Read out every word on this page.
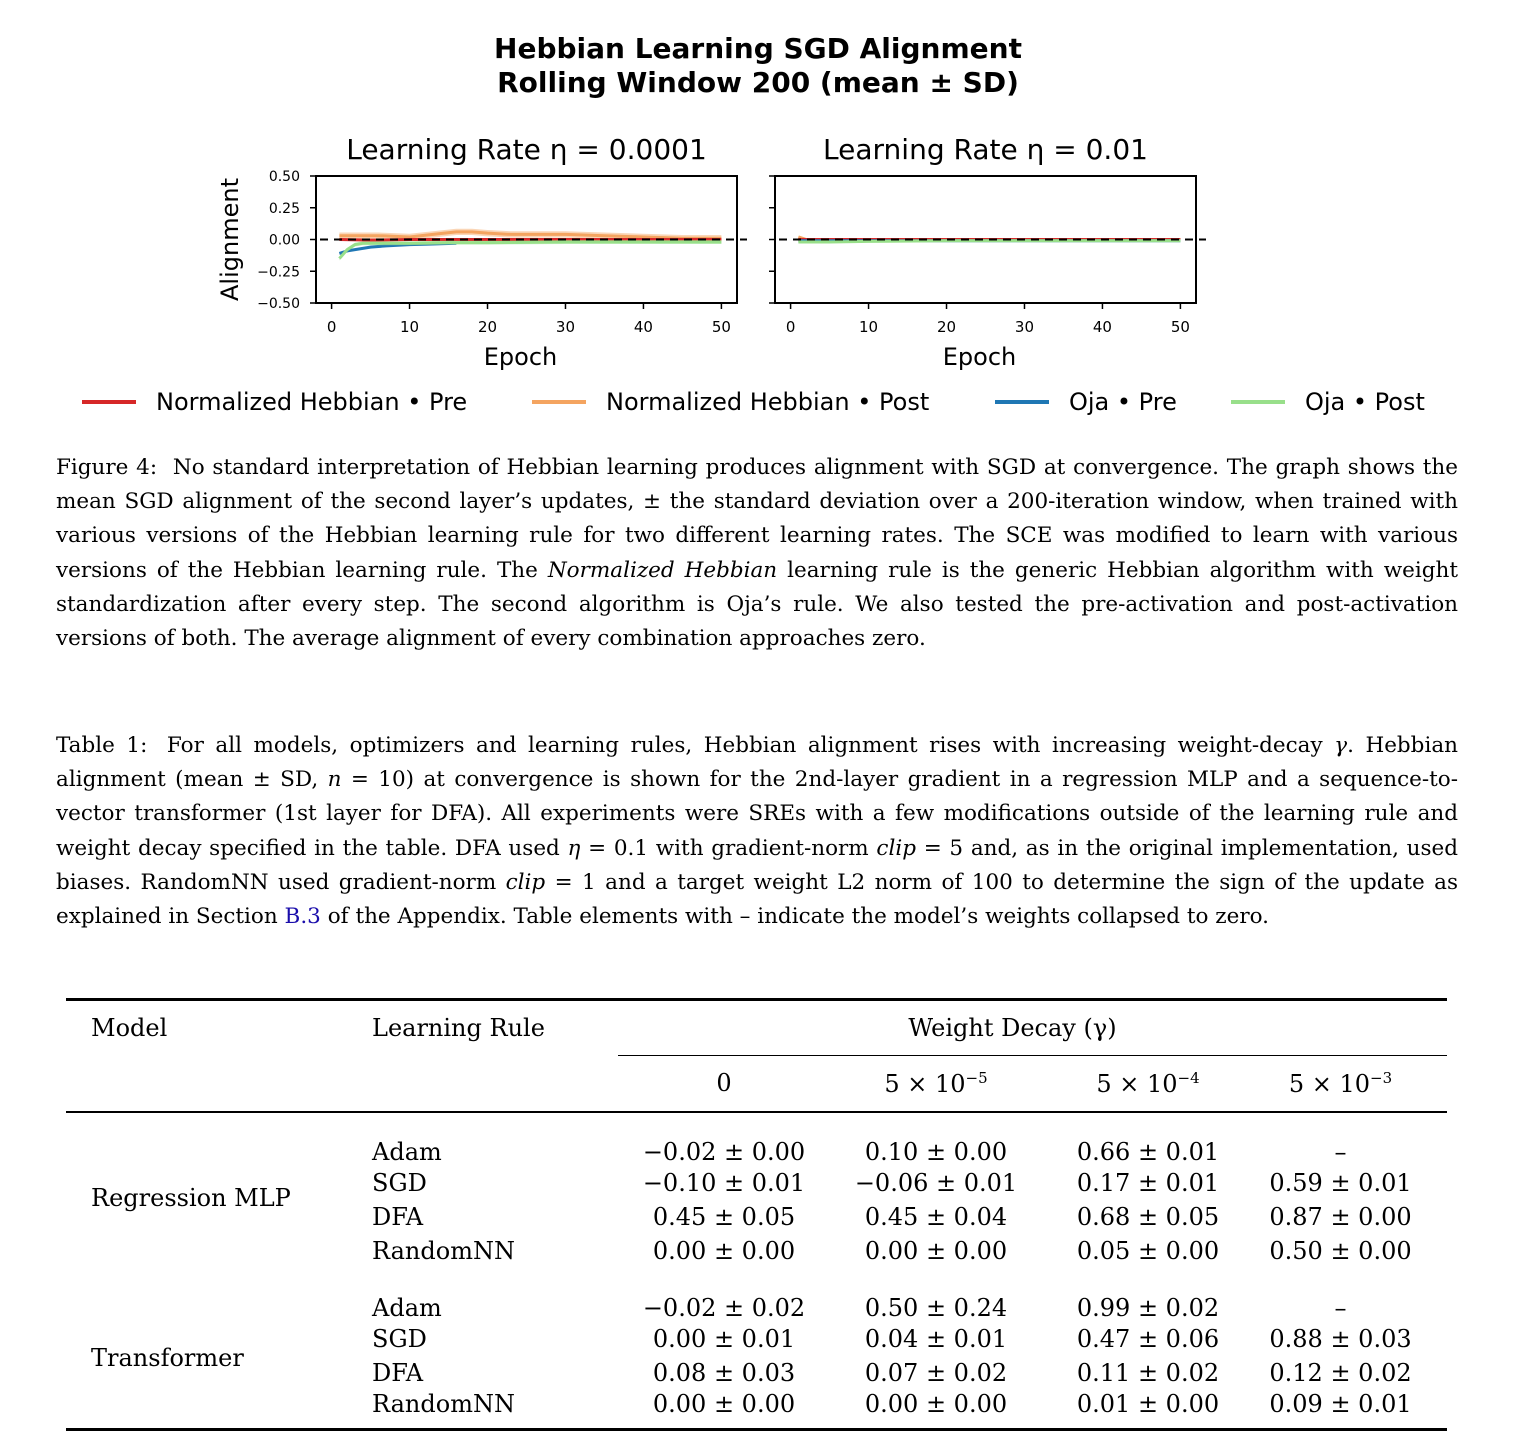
Hebbian Learning SGD Alignment
Rolling Window 200 (mean ± SD)
Learning Rate η = 0.0001
0	10	20	30	40	50
−0.50
−0.25
0.00
0.25
0.50
Epoch
Alignment
Learning Rate η = 0.01
0	10	20	30	40	50
Epoch
Normalized Hebbian • Pre	Normalized Hebbian • Post	Oja • Pre	Oja • Post
Figure 4: No standard interpretation of Hebbian learning produces alignment with SGD at convergence. The graph shows the mean SGD alignment of the second layer’s updates, ± the standard deviation over a 200-iteration window, when trained with various versions of the Hebbian learning rule for two different learning rates. The SCE was modified to learn with various versions of the Hebbian learning rule. The Normalized Hebbian learning rule is the generic Hebbian algorithm with weight standardization after every step. The second algorithm is Oja’s rule. We also tested the pre-activation and post-activation versions of both. The average alignment of every combination approaches zero.
Table 1: For all models, optimizers and learning rules, Hebbian alignment rises with increasing weight-decay γ. Hebbian alignment (mean ± SD, n = 10) at convergence is shown for the 2nd-layer gradient in a regression MLP and a sequence-to-vector transformer (1st layer for DFA). All experiments were SREs with a few modifications outside of the learning rule and weight decay specified in the table. DFA used η = 0.1 with gradient-norm clip = 5 and, as in the original implementation, used biases. RandomNN used gradient-norm clip = 1 and a target weight L2 norm of 100 to determine the sign of the update as explained in Section B.3 of the Appendix. Table elements with – indicate the model’s weights collapsed to zero.
Model	Learning Rule	Weight Decay (γ)			
		0	$5 \times 10^{-5}$	$5 \times 10^{-4}$	$5 \times 10^{-3}$
Regression MLP	Adam	−0.02 ± 0.00	0.10 ± 0.00	0.66 ± 0.01	–
	SGD	−0.10 ± 0.01	−0.06 ± 0.01	0.17 ± 0.01	0.59 ± 0.01
	DFA	0.45 ± 0.05	0.45 ± 0.04	0.68 ± 0.05	0.87 ± 0.00
	RandomNN	0.00 ± 0.00	0.00 ± 0.00	0.05 ± 0.00	0.50 ± 0.00
Transformer	Adam	−0.02 ± 0.02	0.50 ± 0.24	0.99 ± 0.02	–
	SGD	0.00 ± 0.01	0.04 ± 0.01	0.47 ± 0.06	0.88 ± 0.03
	DFA	0.08 ± 0.03	0.07 ± 0.02	0.11 ± 0.02	0.12 ± 0.02
	RandomNN	0.00 ± 0.00	0.00 ± 0.00	0.01 ± 0.00	0.09 ± 0.01
